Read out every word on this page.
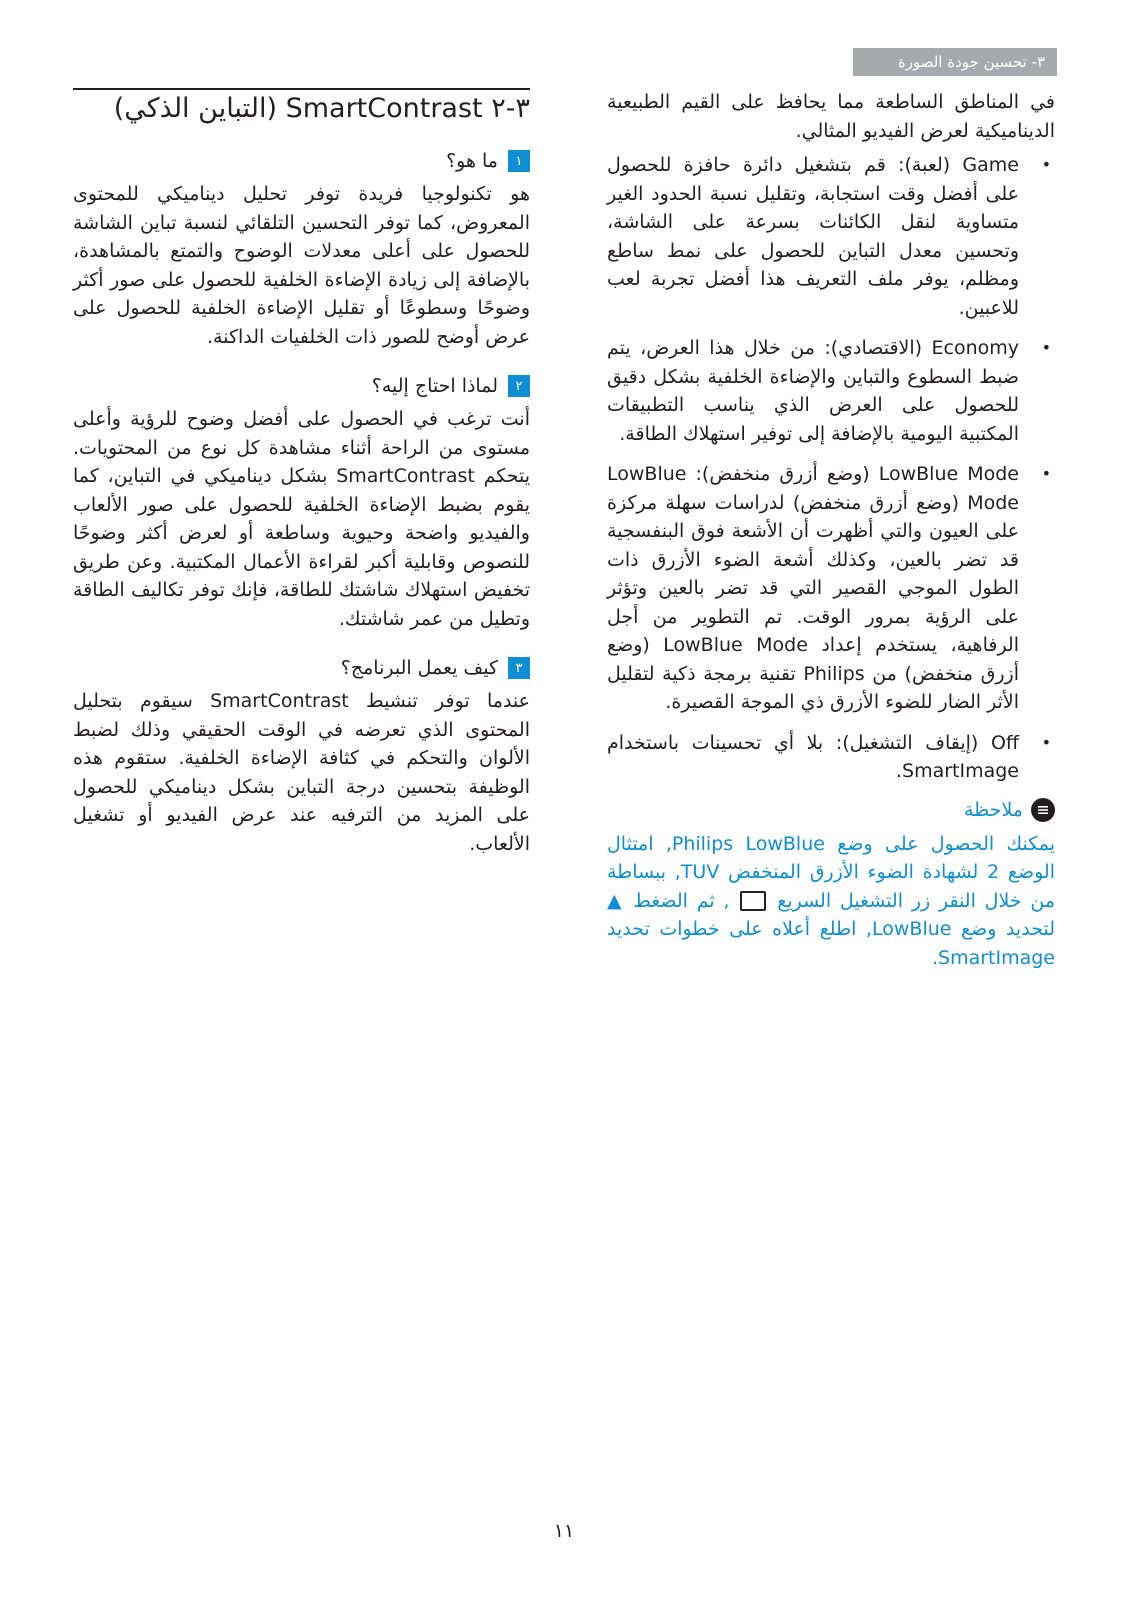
٣- تحسين جودة الصورة

في المناطق الساطعة مما يحافظ على القيم الطبيعية الديناميكية لعرض الفيديو المثالي.

•
Game (لعبة): قم بتشغيل دائرة حافزة للحصول على أفضل وقت استجابة، وتقليل نسبة الحدود الغير متساوية لنقل الكائنات بسرعة على الشاشة، وتحسين معدل التباين للحصول على نمط ساطع ومظلم، يوفر ملف التعريف هذا أفضل تجربة لعب للاعبين.
•
Economy (الاقتصادي): من خلال هذا العرض، يتم ضبط السطوع والتباين والإضاءة الخلفية بشكل دقيق للحصول على العرض الذي يناسب التطبيقات المكتبية اليومية بالإضافة إلى توفير استهلاك الطاقة.
•
LowBlue Mode (وضع أزرق منخفض): LowBlue Mode (وضع أزرق منخفض) لدراسات سهلة مركزة على العيون والتي أظهرت أن الأشعة فوق البنفسجية قد تضر بالعين، وكذلك أشعة الضوء الأزرق ذات الطول الموجي القصير التي قد تضر بالعين وتؤثر على الرؤية بمرور الوقت. تم التطوير من أجل الرفاهية، يستخدم إعداد LowBlue Mode (وضع أزرق منخفض) من Philips تقنية برمجة ذكية لتقليل الأثر الضار للضوء الأزرق ذي الموجة القصيرة.
•
Off (إيقاف التشغيل): بلا أي تحسينات باستخدام SmartImage.
ملاحظة
يمكنك الحصول على وضع Philips LowBlue, امتثال الوضع 2 لشهادة الضوء الأزرق المنخفض TUV, ببساطة من خلال النقر زر التشغيل السريع  , ثم الضغط ▲ لتحديد وضع LowBlue, اطلع أعلاه على خطوات تحديد SmartImage.
٣-٢ SmartContrast (التباين الذكي)
١
ما هو؟

هو تكنولوجيا فريدة توفر تحليل ديناميكي للمحتوى المعروض، كما توفر التحسين التلقائي لنسبة تباين الشاشة للحصول على أعلى معدلات الوضوح والتمتع بالمشاهدة، بالإضافة إلى زيادة الإضاءة الخلفية للحصول على صور أكثر وضوحًا وسطوعًا أو تقليل الإضاءة الخلفية للحصول على عرض أوضح للصور ذات الخلفيات الداكنة.

٢
لماذا احتاج إليه؟

أنت ترغب في الحصول على أفضل وضوح للرؤية وأعلى مستوى من الراحة أثناء مشاهدة كل نوع من المحتويات. يتحكم SmartContrast بشكل ديناميكي في التباين، كما يقوم بضبط الإضاءة الخلفية للحصول على صور الألعاب والفيديو واضحة وحيوية وساطعة أو لعرض أكثر وضوحًا للنصوص وقابلية أكبر لقراءة الأعمال المكتبية. وعن طريق تخفيض استهلاك شاشتك للطاقة، فإنك توفر تكاليف الطاقة وتطيل من عمر شاشتك.

٣
كيف يعمل البرنامج؟

عندما توفر تنشيط SmartContrast سيقوم بتحليل المحتوى الذي تعرضه في الوقت الحقيقي وذلك لضبط الألوان والتحكم في كثافة الإضاءة الخلفية. ستقوم هذه الوظيفة بتحسين درجة التباين بشكل ديناميكي للحصول على المزيد من الترفيه عند عرض الفيديو أو تشغيل الألعاب.

١١
